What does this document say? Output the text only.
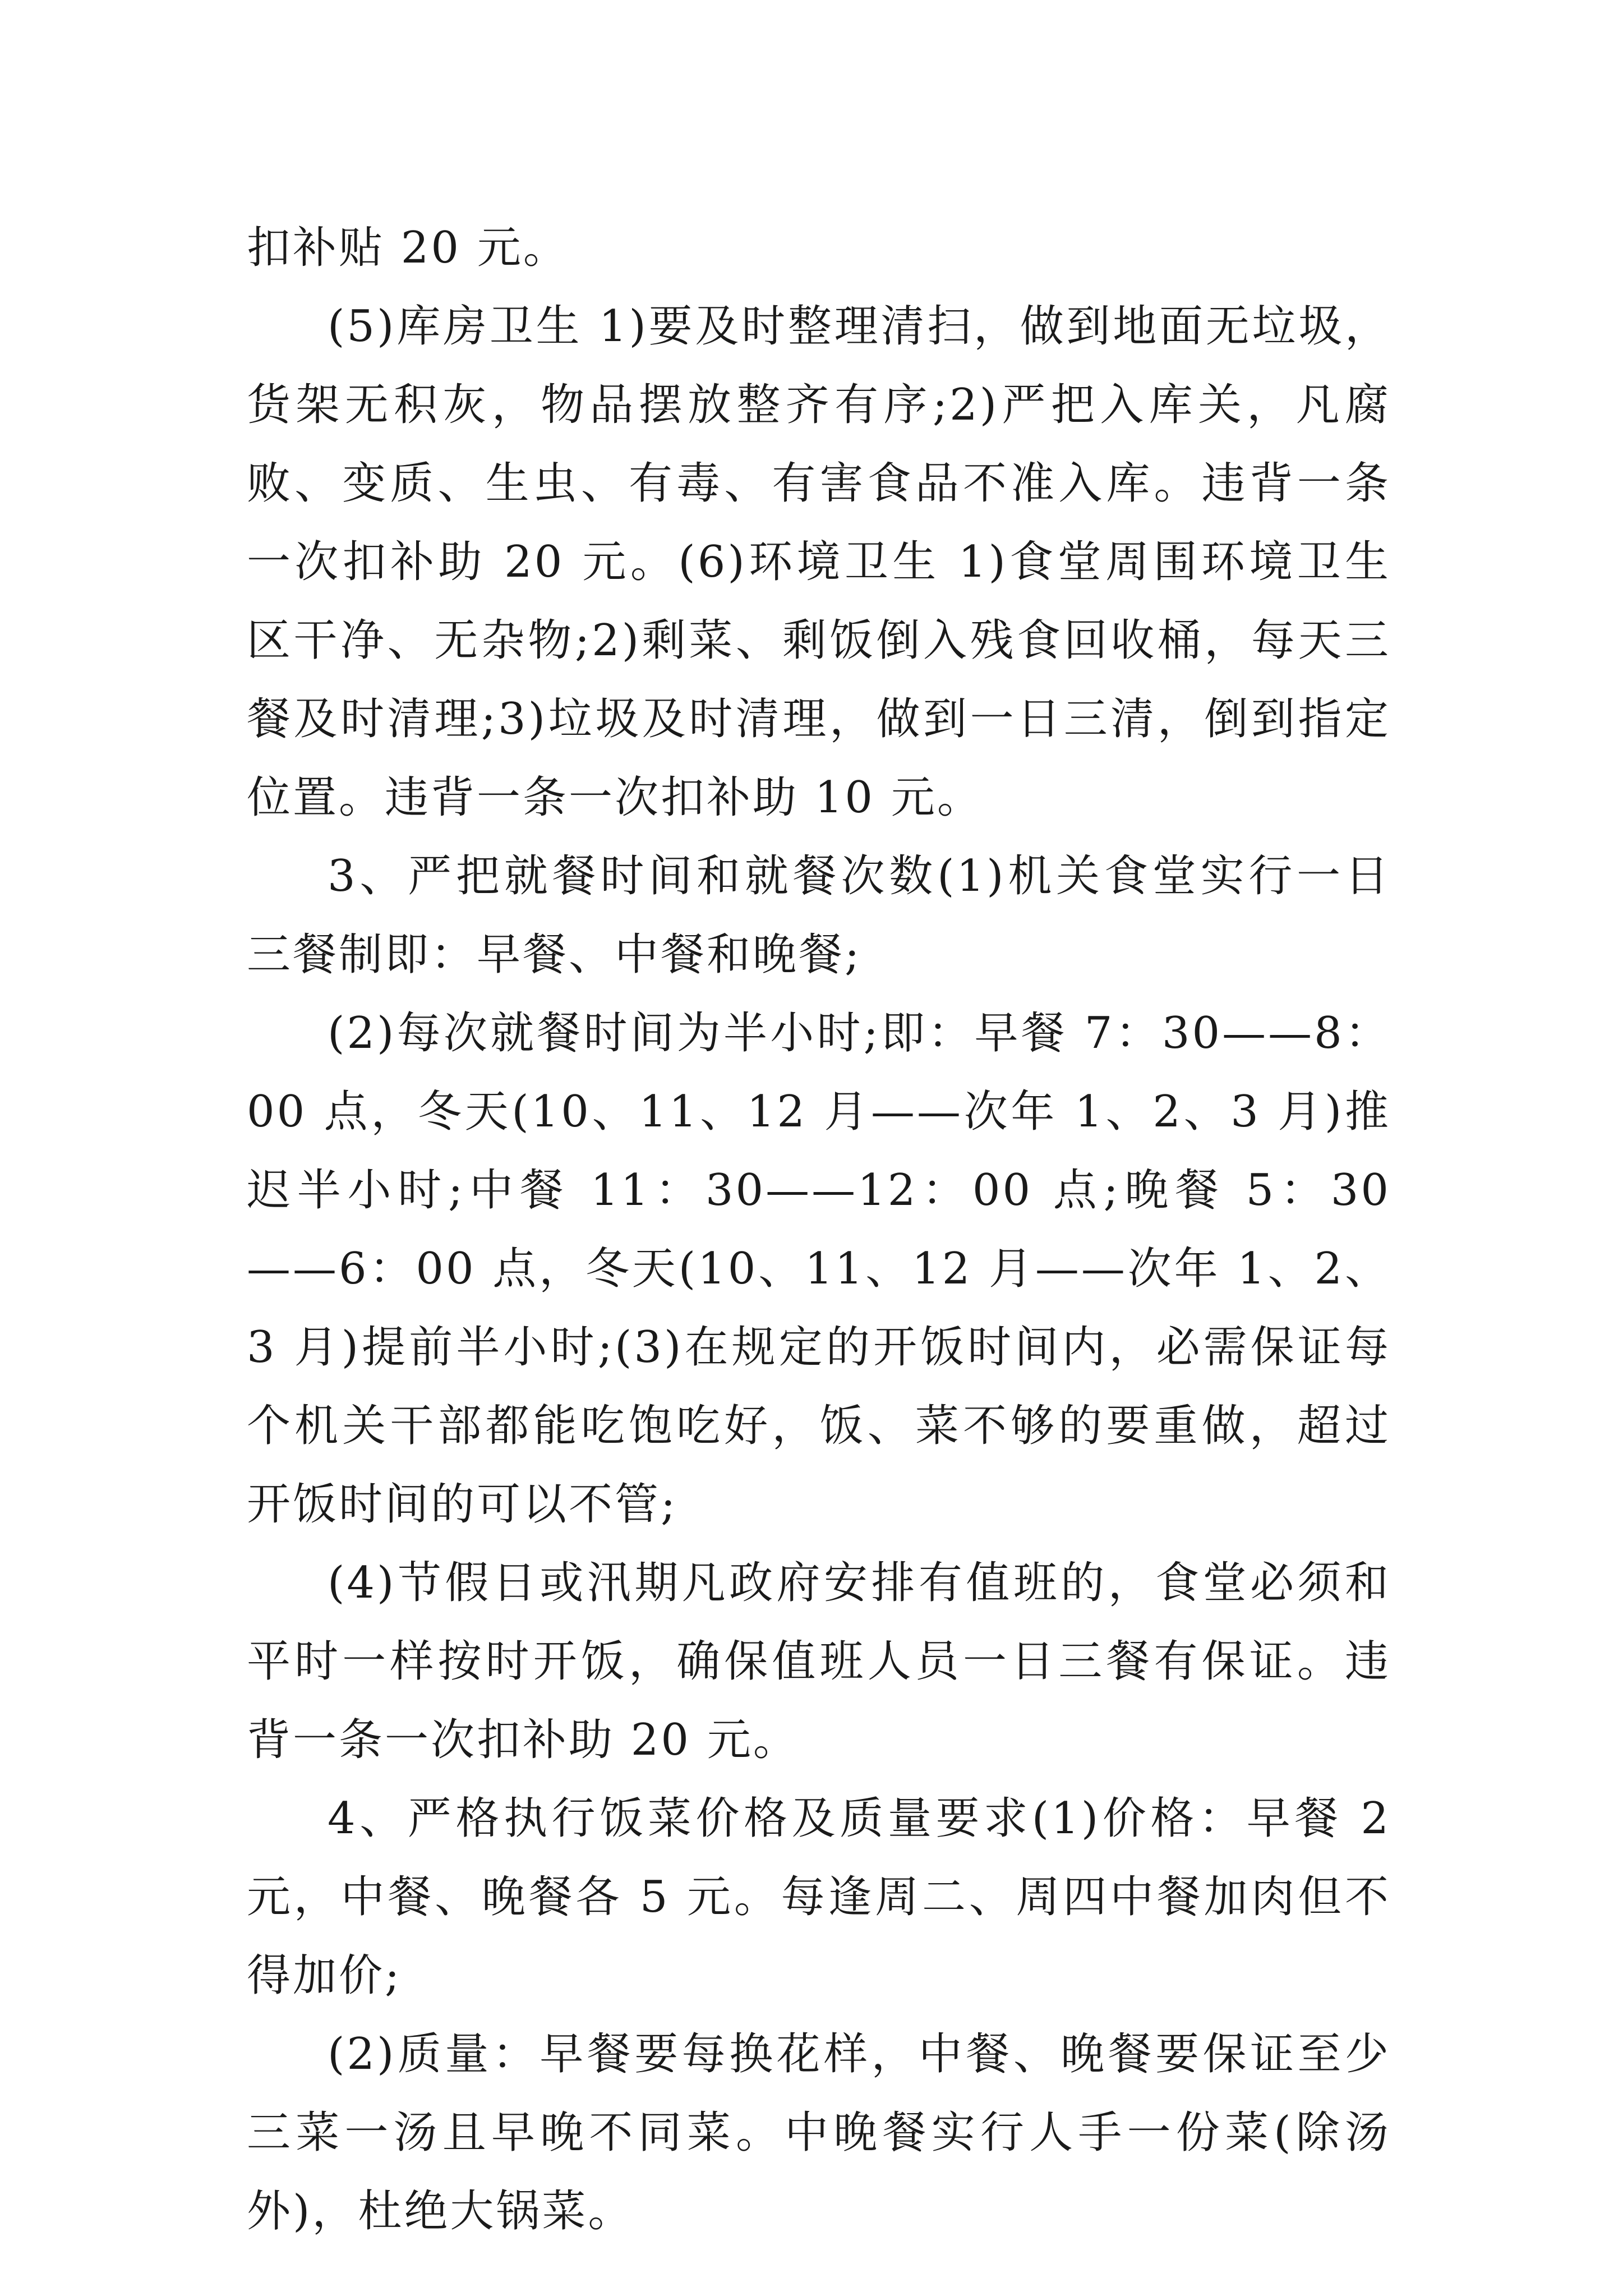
扣补贴 20 元。

(5)库房卫生 1)要及时整理清扫，做到地面无垃圾，货架无积灰，物品摆放整齐有序;2)严把入库关，凡腐败、变质、生虫、有毒、有害食品不准入库。违背一条一次扣补助 20 元。(6)环境卫生 1)食堂周围环境卫生区干净、无杂物;2)剩菜、剩饭倒入残食回收桶，每天三餐及时清理;3)垃圾及时清理，做到一日三清，倒到指定位置。违背一条一次扣补助 10 元。

3、严把就餐时间和就餐次数(1)机关食堂实行一日三餐制即：早餐、中餐和晚餐;

(2)每次就餐时间为半小时;即：早餐 7：30——8：00 点，冬天(10、11、12 月——次年 1、2、3 月)推迟半小时;中餐 11：30——12：00 点;晚餐 5：30——6：00 点，冬天(10、11、12 月——次年 1、2、3 月)提前半小时;(3)在规定的开饭时间内，必需保证每个机关干部都能吃饱吃好，饭、菜不够的要重做，超过开饭时间的可以不管;

(4)节假日或汛期凡政府安排有值班的，食堂必须和平时一样按时开饭，确保值班人员一日三餐有保证。违背一条一次扣补助 20 元。

4、严格执行饭菜价格及质量要求(1)价格：早餐 2 元，中餐、晚餐各 5 元。每逢周二、周四中餐加肉但不得加价;

(2)质量：早餐要每换花样，中餐、晚餐要保证至少三菜一汤且早晚不同菜。中晚餐实行人手一份菜(除汤外)，杜绝大锅菜。
